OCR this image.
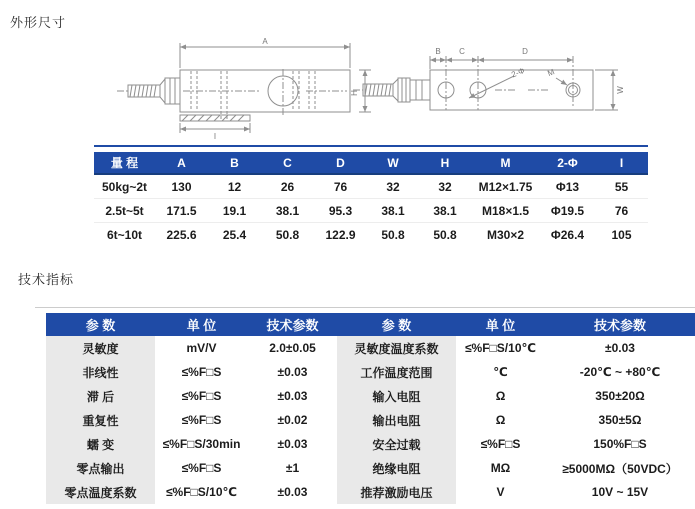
外形尺寸
A
I
H
B C	D
2-Φ	M
W
量 程	A	B	C	D	W	H	M	2-Φ	I
50kg~2t	130	12	26	76	32	32	M12×1.75	Φ13	55
2.5t~5t	171.5	19.1	38.1	95.3	38.1	38.1	M18×1.5	Φ19.5	76
6t~10t	225.6	25.4	50.8	122.9	50.8	50.8	M30×2	Φ26.4	105
技术指标
参 数	单 位	技术参数	参 数	单 位	技术参数
灵敏度	mV/V	2.0±0.05	灵敏度温度系数	≤%F□S/10℃	±0.03
非线性	≤%F□S	±0.03	工作温度范围	℃	-20℃ ~ +80℃
滞 后	≤%F□S	±0.03	输入电阻	Ω	350±20Ω
重复性	≤%F□S	±0.02	输出电阻	Ω	350±5Ω
蠕 变	≤%F□S/30min	±0.03	安全过载	≤%F□S	150%F□S
零点输出	≤%F□S	±1	绝缘电阻	MΩ	≥5000MΩ（50VDC）
零点温度系数	≤%F□S/10℃	±0.03	推荐激励电压	V	10V ~ 15V
